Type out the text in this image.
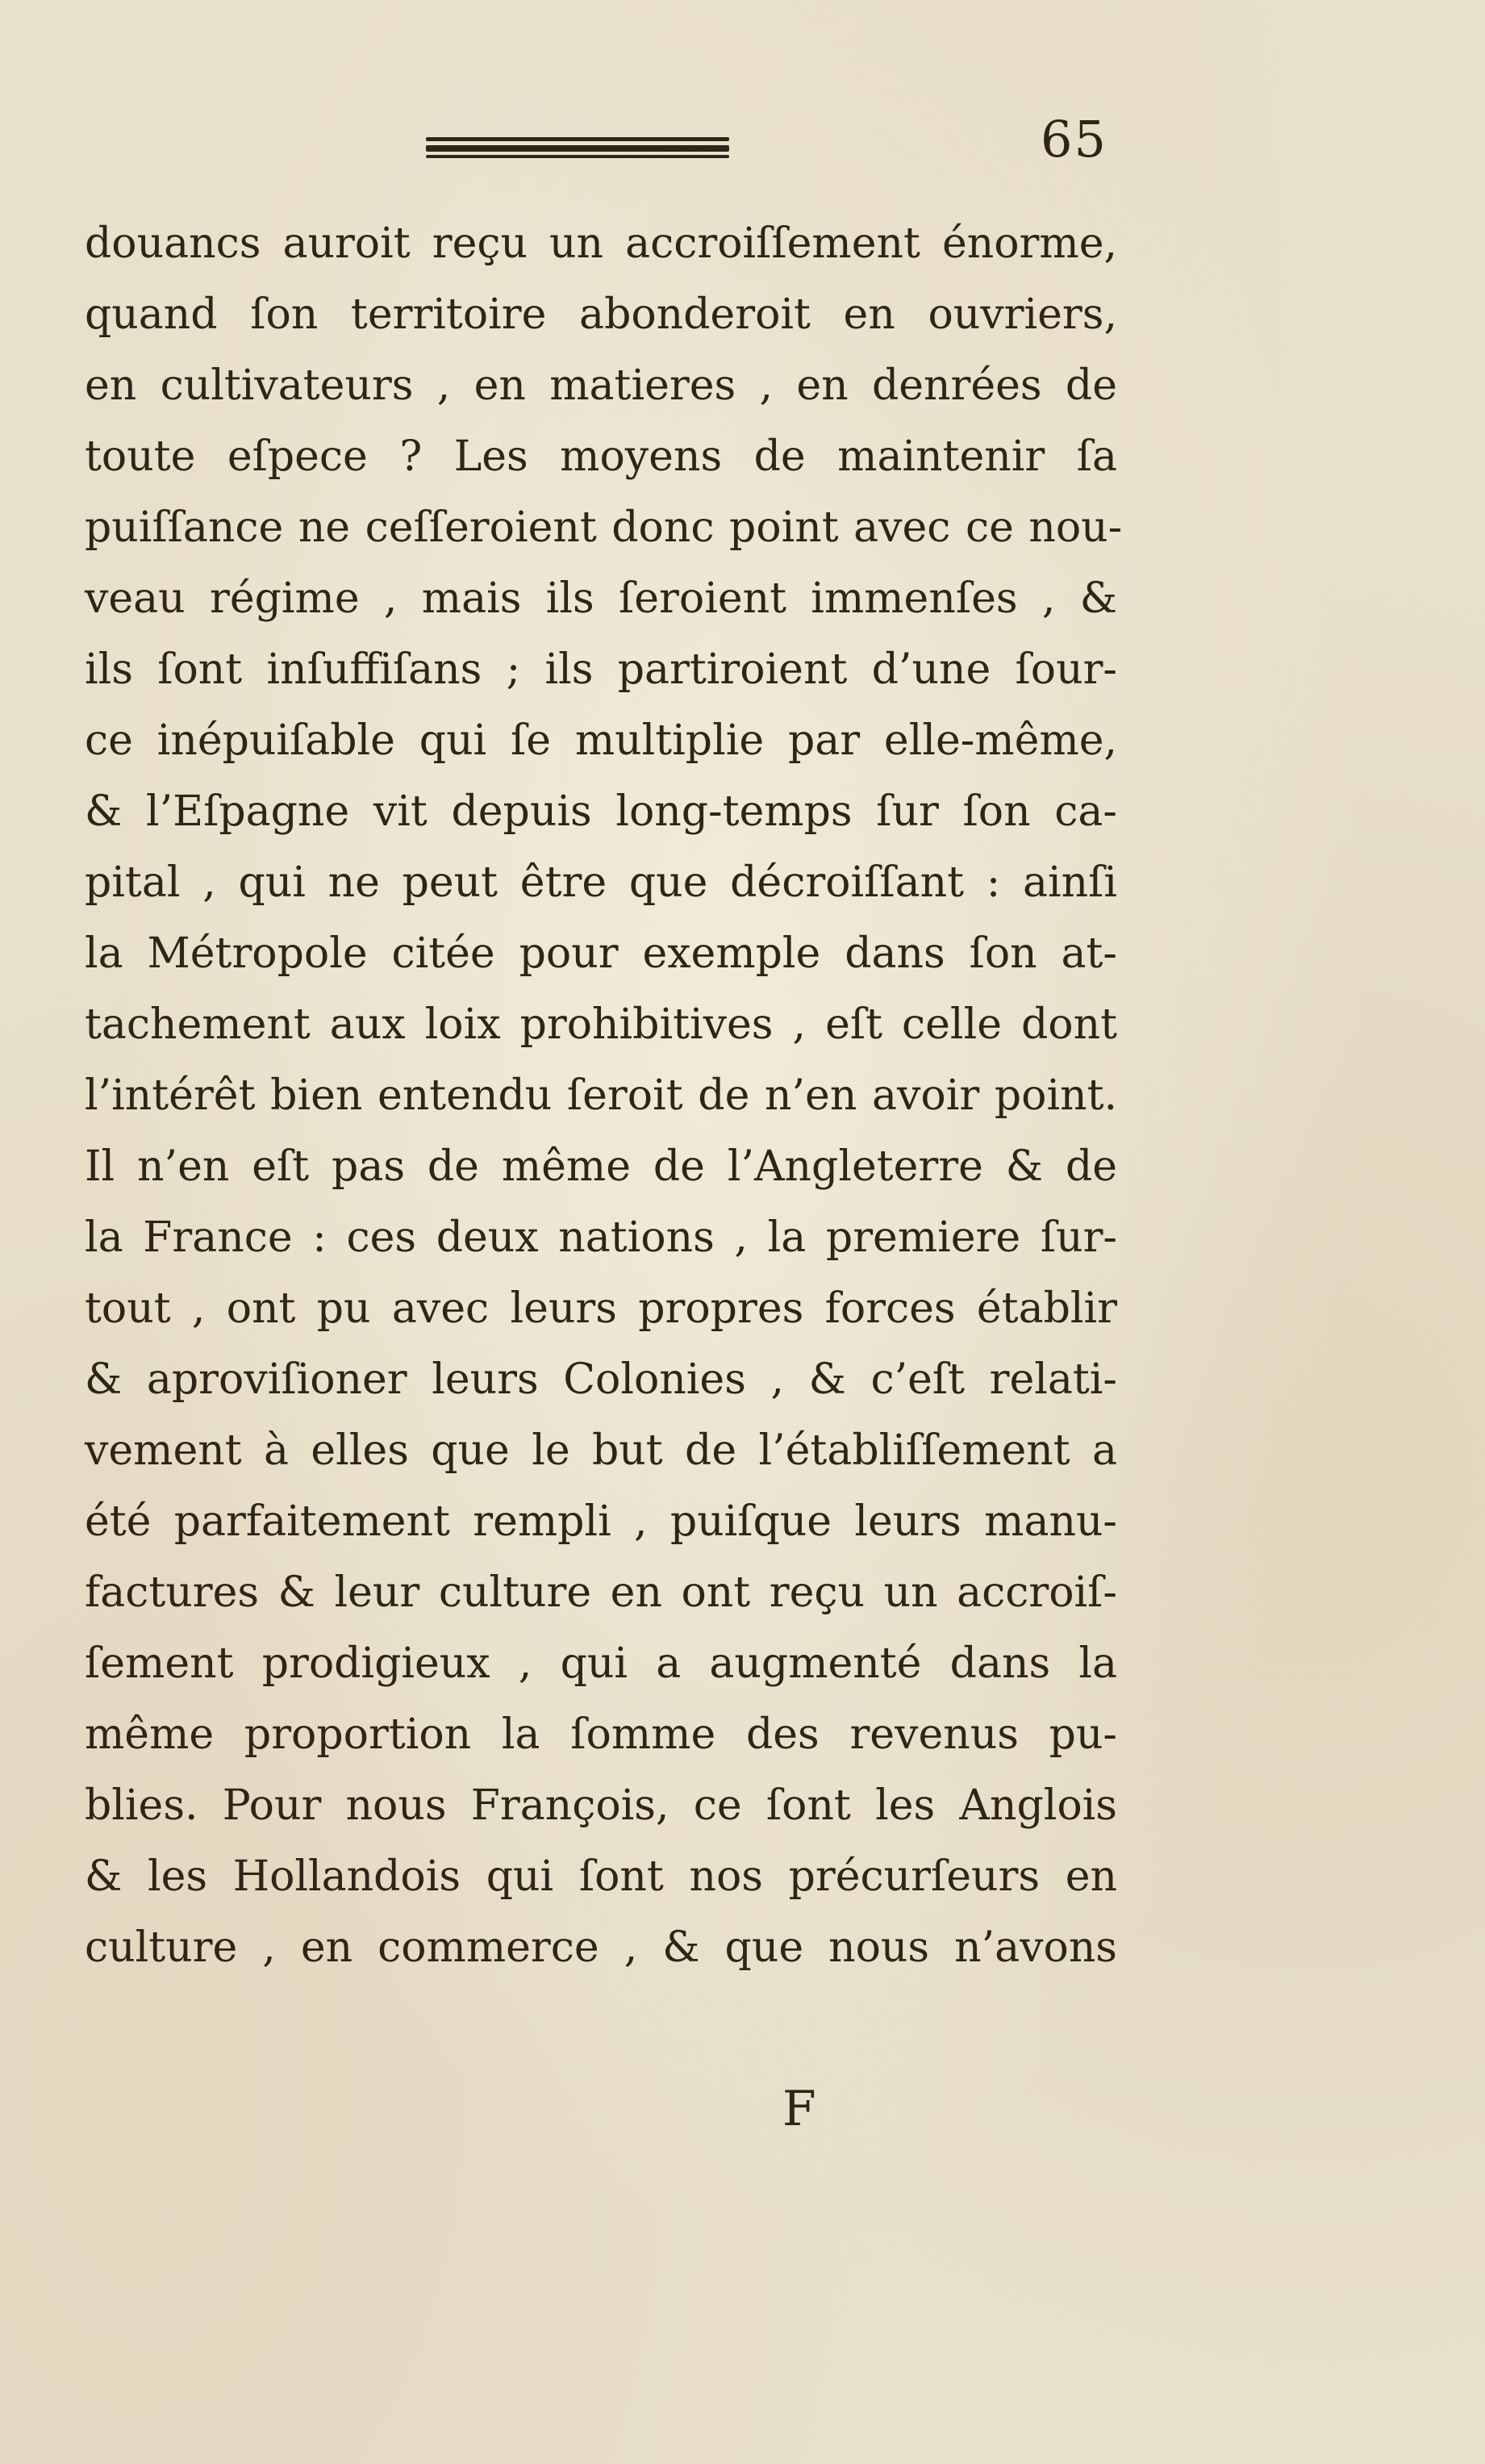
65
douancs auroit reçu un accroiſſement énorme,
quand ſon territoire abonderoit en ouvriers,
en cultivateurs , en matieres , en denrées de
toute eſpece ? Les moyens de maintenir ſa
puiſſance ne ceſſeroient donc point avec ce nou-
veau régime , mais ils ſeroient immenſes , &
ils ſont inſuffiſans ; ils partiroient d’une ſour-
ce inépuiſable qui ſe multiplie par elle-même,
& l’Eſpagne vit depuis long-temps ſur ſon ca-
pital , qui ne peut être que décroiſſant : ainſi
la Métropole citée pour exemple dans ſon at-
tachement aux loix prohibitives , eſt celle dont
l’intérêt bien entendu ſeroit de n’en avoir point.
Il n’en eſt pas de même de l’Angleterre & de
la France : ces deux nations , la premiere ſur-
tout , ont pu avec leurs propres forces établir
& aproviſioner leurs Colonies , & c’eſt relati-
vement à elles que le but de l’établiſſement a
été parfaitement rempli , puiſque leurs manu-
factures & leur culture en ont reçu un accroiſ-
ſement prodigieux , qui a augmenté dans la
même proportion la ſomme des revenus pu-
blies. Pour nous François, ce ſont les Anglois
& les Hollandois qui ſont nos précurſeurs en
culture , en commerce , & que nous n’avons
F
